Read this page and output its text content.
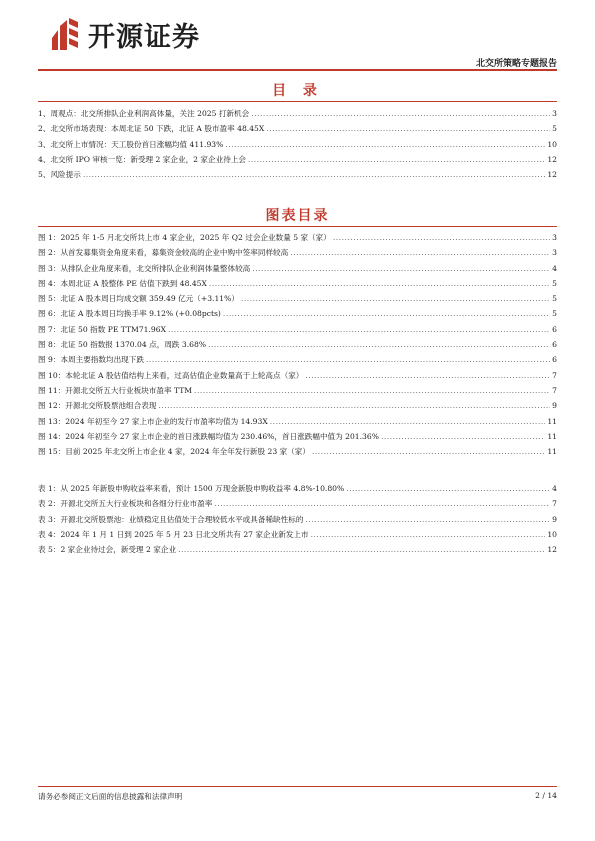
开源证券
北交所策略专题报告
目 录
1、 周观点：北交所排队企业利润高体量，关注 2025 打新机会 .....	3
2、 北交所市场表现：本周北证 50 下跌，北证 A 股市盈率 48.45X .....	5
3、 北交所上市情况：天工股份首日涨幅均值 411.93% .....	10
4、 北交所 IPO 审核一览：新受理 2 家企业，2 家企业待上会 .....	12
5、 风险提示 .....	12
图表目录
图 1： 2025 年 1-5 月北交所共上市 4 家企业，2025 年 Q2 过会企业数量 5 家（家） .....	3
图 2： 从首发募集资金角度来看，募集资金较高的企业中购中签率同样较高 .....	3
图 3： 从排队企业角度来看，北交所排队企业利润体量整体较高 .....	4
图 4： 本周北证 A 股整体 PE 估值下跌到 48.45X .....	5
图 5： 北证 A 股本周日均成交额 359.49 亿元（+3.11%） .....	5
图 6： 北证 A 股本周日均换手率 9.12% (+0.08pcts) .....	5
图 7： 北证 50 指数 PE TTM71.96X .....	6
图 8： 北证 50 指数报 1370.04 点，周跌 3.68% .....	6
图 9： 本周主要指数均出现下跌 .....	6
图 10： 本轮北证 A 股估值结构上来看，过高估值企业数量高于上轮高点（家） .....	7
图 11： 开源北交所五大行业板块市盈率 TTM .....	7
图 12： 开源北交所股票池组合表现 .....	9
图 13： 2024 年初至今 27 家上市企业的发行市盈率均值为 14.93X .....	11
图 14： 2024 年初至今 27 家上市企业的首日涨跌幅均值为 230.46%，首日涨跌幅中值为 201.36% .....	11
图 15： 目前 2025 年北交所上市企业 4 家，2024 年全年发行新股 23 家（家） .....	11
表 1： 从 2025 年新股申购收益率来看，预计 1500 万现金新股申购收益率 4.8%-10.80% .....	4
表 2： 开源北交所五大行业板块和各细分行业市盈率 .....	7
表 3： 开源北交所股票池：业绩稳定且估值处于合理较低水平或具备稀缺性标的 .....	9
表 4： 2024 年 1 月 1 日到 2025 年 5 月 23 日北交所共有 27 家企业新发上市 .....	10
表 5： 2 家企业待过会，新受理 2 家企业 .....	12
请务必参阅正文后面的信息披露和法律声明	2 / 14
